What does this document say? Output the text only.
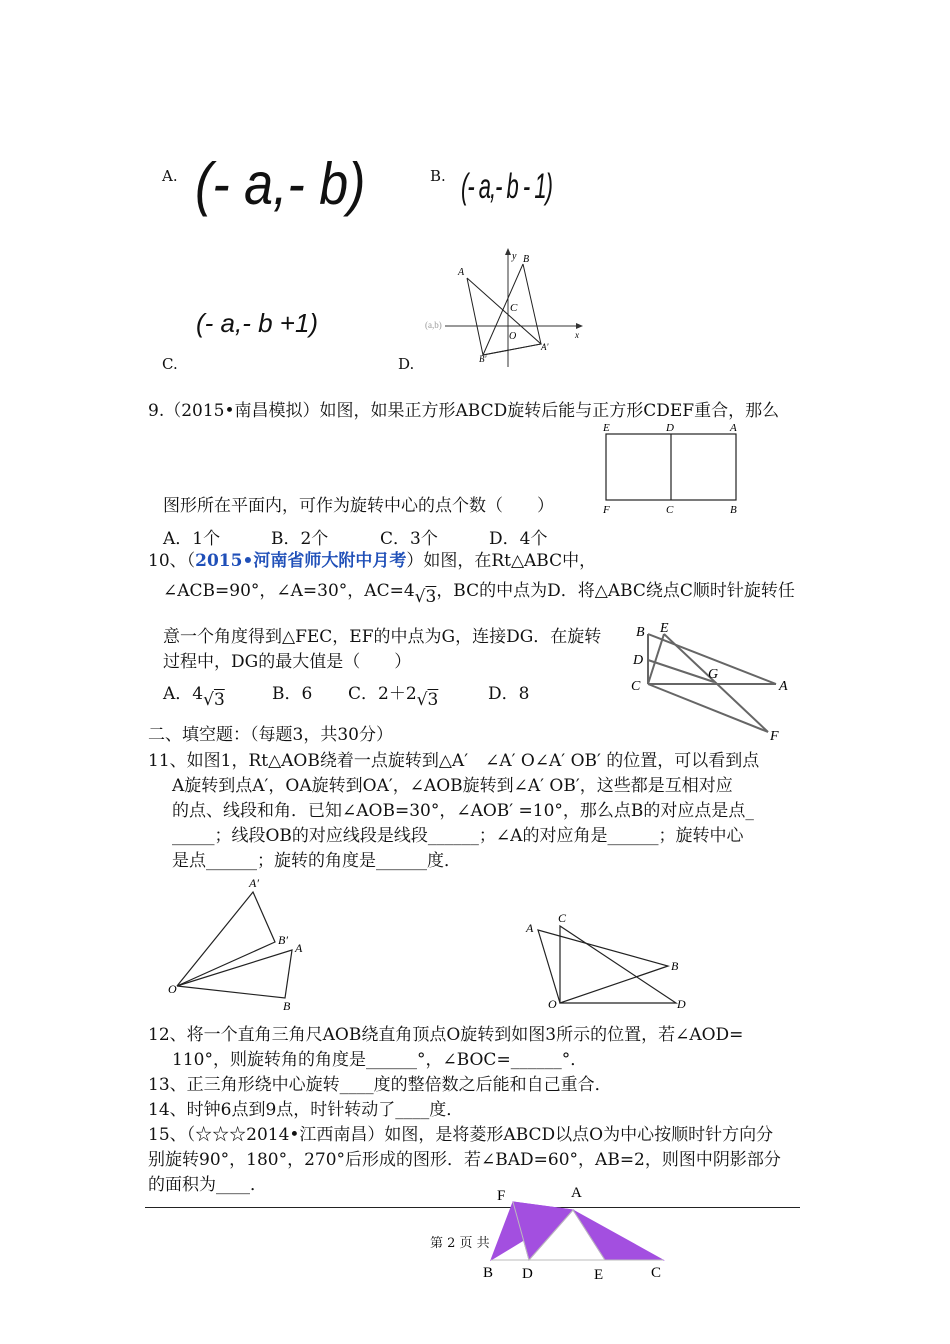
A. (- a,- b)	B. (- a,- b - 1)
(- a,- b +1)
C.	D.
y B
A
C
O	x
B'
A'
(a,b)
9.（2015•南昌模拟）如图，如果正方形ABCD旋转后能与正方形CDEF重合，那么
E	D	A
F	C	B
图形所在平面内，可作为旋转中心的点个数（　　）
A．1个	B．2个	C．3个	D．4个
10、（2015•河南省师大附中月考）如图，在Rt△ABC中，
∠ACB=90°，∠A=30°，AC=4√3，BC的中点为D．将△ABC绕点C顺时针旋转任
意一个角度得到△FEC，EF的中点为G，连接DG．在旋转
过程中，DG的最大值是（　　）
A．4√3	B．6 C．2＋2√3	D．8
B E
D
G
C	A
F
二、填空题：（每题3，共30分）
11、如图1，Rt△AOB绕着一点旋转到△A′　∠A′ O∠A′ OB′ 的位置，可以看到点
A旋转到点A′，OA旋转到OA′，∠AOB旋转到∠A′ OB′，这些都是互相对应
的点、线段和角．已知∠AOB=30°，∠AOB′ =10°，那么点B的对应点是点_
_____；线段OB的对应线段是线段______；∠A的对应角是______；旋转中心
是点______；旋转的角度是______度．
A′
B′
A
O
B
C
A
B
O	D
12、将一个直角三角尺AOB绕直角顶点O旋转到如图3所示的位置，若∠AOD=
110°，则旋转角的角度是______°，∠BOC=______°．
13、正三角形绕中心旋转____度的整倍数之后能和自己重合．
14、时钟6点到9点，时针转动了____度．
15、（☆☆☆2014•江西南昌）如图，是将菱形ABCD以点O为中心按顺时针方向分
别旋转90°，180°，270°后形成的图形．若∠BAD=60°，AB=2，则图中阴影部分
的面积为____．
第 2 页 共
F	A
B D	E	C
